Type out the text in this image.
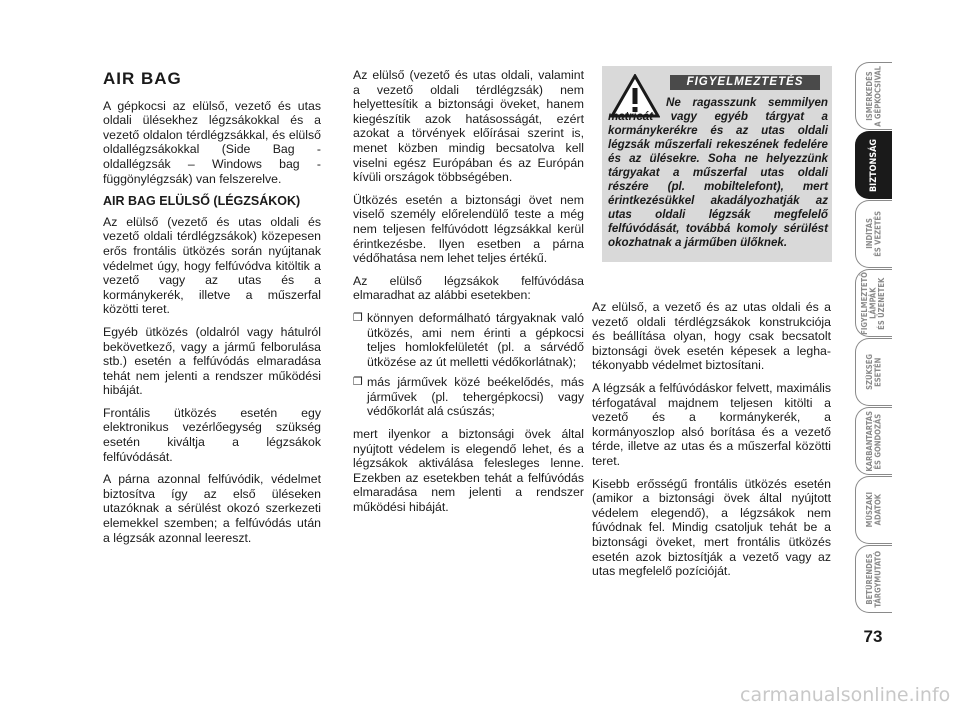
AIR BAG

A gépkocsi az elülső, vezető és utas oldali ülésekhez légzsákokkal és a vezető oldalon térdlégzsákkal, és elülső oldallégzsákokkal (Side Bag - oldallégzsák – Windows bag - függönylégzsák) van felszerelve.

AIR BAG ELÜLSŐ (LÉGZSÁKOK)

Az elülső (vezető és utas oldali és vezető oldali térdlégzsákok) közepesen erős frontális ütközés során nyújtanak védelmet úgy, hogy felfúvódva kitöltik a vezető vagy az utas és a kormánykerék, illetve a műszerfal közötti teret.

Egyéb ütközés (oldalról vagy hátulról bekövetkező, vagy a jármű felborulása stb.) esetén a felfúvódás elmaradása tehát nem jelenti a rendszer működési hibáját.

Frontális ütközés esetén egy elektronikus vezérlőegység szükség esetén kiváltja a légzsákok felfúvódását.

A párna azonnal felfúvódik, védelmet biztosítva így az első üléseken utazóknak a sérülést okozó szerkezeti elemekkel szemben; a felfúvódás után a légzsák azonnal leereszt.

Az elülső (vezető és utas oldali, valamint a vezető oldali térdlégzsák) nem helyettesítik a biztonsági öveket, hanem kiegészítik azok hatásosságát, ezért azokat a törvények előírásai szerint is, menet közben mindig becsatolva kell viselni egész Európában és az Európán kívüli országok többségében.

Ütközés esetén a biztonsági övet nem viselő személy előrelendülő teste a még nem teljesen felfúvódott légzsákkal kerül érintkezésbe. Ilyen esetben a párna védőhatása nem lehet teljes értékű.

Az elülső légzsákok felfúvódása elmaradhat az alábbi esetekben:

❒ könnyen deformálható tárgyaknak való ütközés, ami nem érinti a gépkocsi teljes homlokfelületét (pl. a sárvédő ütközése az út melletti védőkorlátnak);
❒ más járművek közé beékelődés, más járművek (pl. tehergépkocsi) vagy védőkorlát alá csúszás;

mert ilyenkor a biztonsági övek által nyújtott védelem is elegendő lehet, és a légzsákok aktiválása felesleges lenne. Ezekben az esetekben tehát a felfúvódás elmaradása nem jelenti a rendszer működési hibáját.

FIGYELMEZTETÉS
Ne ragasszunk semmilyen matricát vagy egyéb tárgyat a kormánykerékre és az utas oldali légzsák műszerfali rekeszének fedelére és az ülésekre. Soha ne helyezzünk tárgyakat a műszerfal utas oldali részére (pl. mobiltelefont), mert érintkezésükkel akadályozhatják az utas oldali légzsák megfelelő felfúvódását, továbbá komoly sérülést okozhatnak a járműben ülőknek.

Az elülső, a vezető és az utas oldali és a vezető oldali térdlégzsákok konstrukciója és beállítása olyan, hogy csak becsatolt biztonsági övek esetén képesek a legha-tékonyabb védelmet biztosítani.

A légzsák a felfúvódáskor felvett, maximális térfogatával majdnem teljesen kitölti a vezető és a kormánykerék, a kormányoszlop alsó borítása és a vezető térde, illetve az utas és a műszerfal közötti teret.

Kisebb erősségű frontális ütközés esetén (amikor a biztonsági övek által nyújtott védelem elegendő), a légzsákok nem fúvódnak fel. Mindig csatoljuk tehát be a biztonsági öveket, mert frontális ütközés esetén azok biztosítják a vezető vagy az utas megfelelő pozícióját.

ISMERKEDÉS
A GÉPKOCSIVAL
BIZTONSÁG
INDÍTÁS
ÉS VEZETÉS
FIGYELMEZTETŐ
LÁMPÁK
ÉS ÜZENETEK
SZÜKSÉG
ESETÉN
KARBANTARTÁS
ÉS GONDOZÁS
MŰSZAKI
ADATOK
BETŰRENDES
TÁRGYMUTATÓ
73
carmanualsonline.info
